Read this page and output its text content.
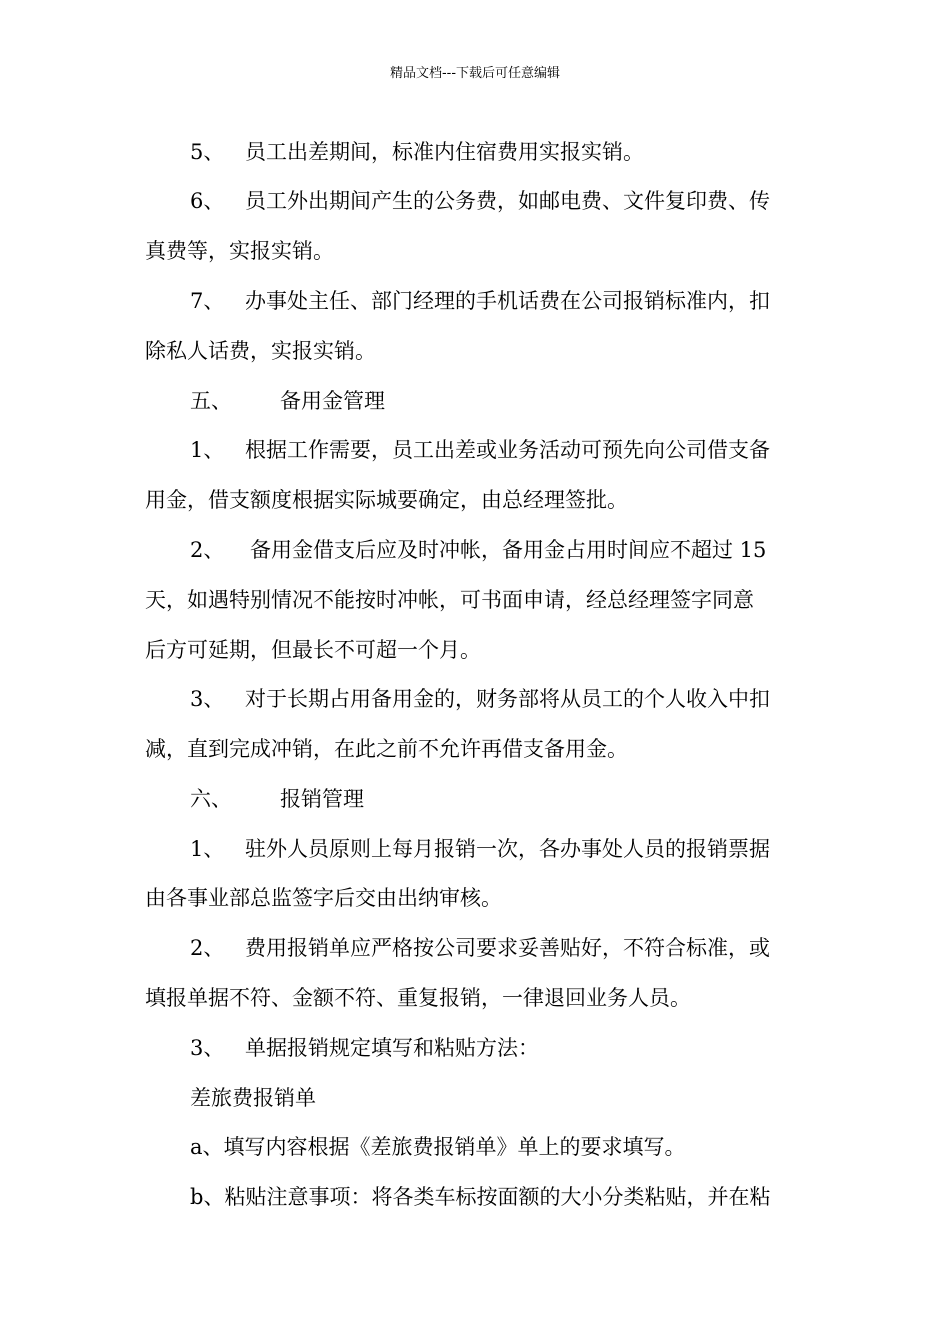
精品文档---下载后可任意编辑
5、 员工出差期间，标准内住宿费用实报实销。
6、 员工外出期间产生的公务费，如邮电费、文件复印费、传
真费等，实报实销。
7、 办事处主任、部门经理的手机话费在公司报销标准内，扣
除私人话费，实报实销。
五、 备用金管理
1、 根据工作需要，员工出差或业务活动可预先向公司借支备
用金，借支额度根据实际城要确定，由总经理签批。
2、 备用金借支后应及时冲帐，备用金占用时间应不超过 15
天，如遇特别情况不能按时冲帐，可书面申请，经总经理签字同意
后方可延期，但最长不可超一个月。
3、 对于长期占用备用金的，财务部将从员工的个人收入中扣
减，直到完成冲销，在此之前不允许再借支备用金。
六、 报销管理
1、 驻外人员原则上每月报销一次，各办事处人员的报销票据
由各事业部总监签字后交由出纳审核。
2、 费用报销单应严格按公司要求妥善贴好，不符合标准，或
填报单据不符、金额不符、重复报销，一律退回业务人员。
3、 单据报销规定填写和粘贴方法：
差旅费报销单
a、填写内容根据《差旅费报销单》单上的要求填写。
b、粘贴注意事项：将各类车标按面额的大小分类粘贴，并在粘
